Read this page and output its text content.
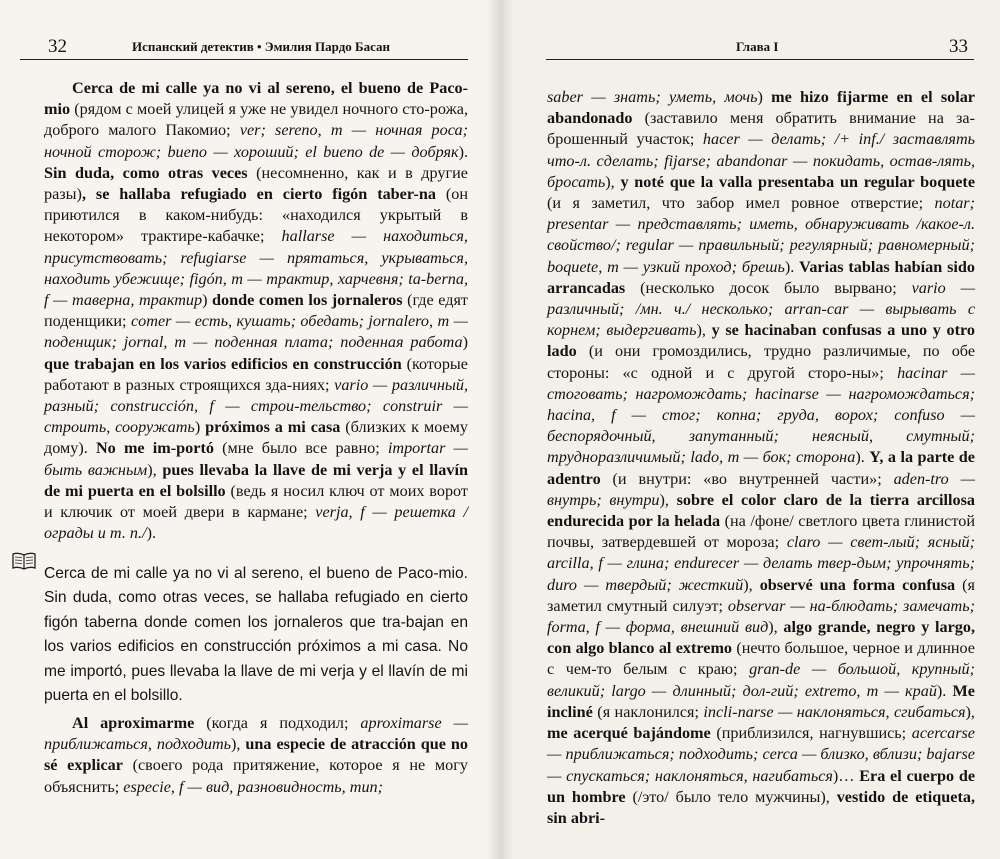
32	Испанский детектив • Эмилия Пардо Басан

Cerca de mi calle ya no vi al sereno, el bueno de Paco-mio (рядом с моей улицей я уже не увидел ночного сто-рожа, доброго малого Пакомио; ver; sereno, m — ночная роса; ночной сторож; bueno — хороший; el bueno de — добряк). Sin duda, como otras veces (несомненно, как и в другие разы), se hallaba refugiado en cierto figón taber-na (он приютился в каком-нибудь: «находился укрытый в некотором» трактире-кабачке; hallarse — находиться, присутствовать; refugiarse — прятаться, укрываться, находить убежище; figón, m — трактир, харчевня; ta-berna, f — таверна, трактир) donde comen los jornaleros (где едят поденщики; comer — есть, кушать; обедать; jornalero, m — поденщик; jornal, m — поденная плата; поденная работа) que trabajan en los varios edificios en construcción (которые работают в разных строящихся зда-ниях; vario — различный, разный; construcción, f — строи-тельство; construir — строить, сооружать) próximos a mi casa (близких к моему дому). No me im-portó (мне было все равно; importar — быть важным), pues llevaba la llave de mi verja y el llavín de mi puerta en el bolsillo (ведь я носил ключ от моих ворот и ключик от моей двери в кармане; verja, f — решетка /ограды и т. п./).

Cerca de mi calle ya no vi al sereno, el bueno de Paco-mio. Sin duda, como otras veces, se hallaba refugiado en cierto figón taberna donde comen los jornaleros que tra-bajan en los varios edificios en construcción próximos a mi casa. No me importó, pues llevaba la llave de mi verja y el llavín de mi puerta en el bolsillo.

Al aproximarme (когда я подходил; aproximarse — приближаться, подходить), una especie de atracción que no sé explicar (своего рода притяжение, которое я не могу объяснить; especie, f — вид, разновидность, тип;

saber — знать; уметь, мочь) me hizo fijarme en el solar abandonado (заставило меня обратить внимание на за-брошенный участок; hacer — делать; /+ inf./ заставлять что-л. сделать; fijarse; abandonar — покидать, остав-лять, бросать), y noté que la valla presentaba un regular boquete (и я заметил, что забор имел ровное отверстие; notar; presentar — представлять; иметь, обнаруживать /какое-л. свойство/; regular — правильный; регулярный; равномерный; boquete, m — узкий проход; брешь). Varias tablas habían sido arrancadas (несколько досок было вырвано; vario — различный; /мн. ч./ несколько; arran-car — вырывать с корнем; выдергивать), y se hacinaban confusas a uno y otro lado (и они громоздились, трудно различимые, по обе стороны: «с одной и с другой сторо-ны»; hacinar — стоговать; нагромождать; hacinarse — нагромождаться; hacina, f — стог; копна; груда, ворох; confuso — беспорядочный, запутанный; неясный, смутный; трудноразличимый; lado, m — бок; сторона). Y, a la parte de adentro (и внутри: «во внутренней части»; aden-tro — внутрь; внутри), sobre el color claro de la tierra arcillosa endurecida por la helada (на /фоне/ светлого цвета глинистой почвы, затвердевшей от мороза; claro — свет-лый; ясный; arcilla, f — глина; endurecer — делать твер-дым; упрочнять; duro — твердый; жесткий), observé una forma confusa (я заметил смутный силуэт; observar — на-блюдать; замечать; forma, f — форма, внешний вид), algo grande, negro y largo, con algo blanco al extremo (нечто большое, черное и длинное с чем-то белым с краю; gran-de — большой, крупный; великий; largo — длинный; дол-гий; extremo, m — край). Me incliné (я наклонился; incli-narse — наклоняться, сгибаться), me acerqué bajándome (приблизился, нагнувшись; acercarse — приближаться; подходить; cerca — близко, вблизи; bajarse — спускаться; наклоняться, нагибаться)… Era el cuerpo de un hombre (/это/ было тело мужчины), vestido de etiqueta, sin abri-

Глава I	33
